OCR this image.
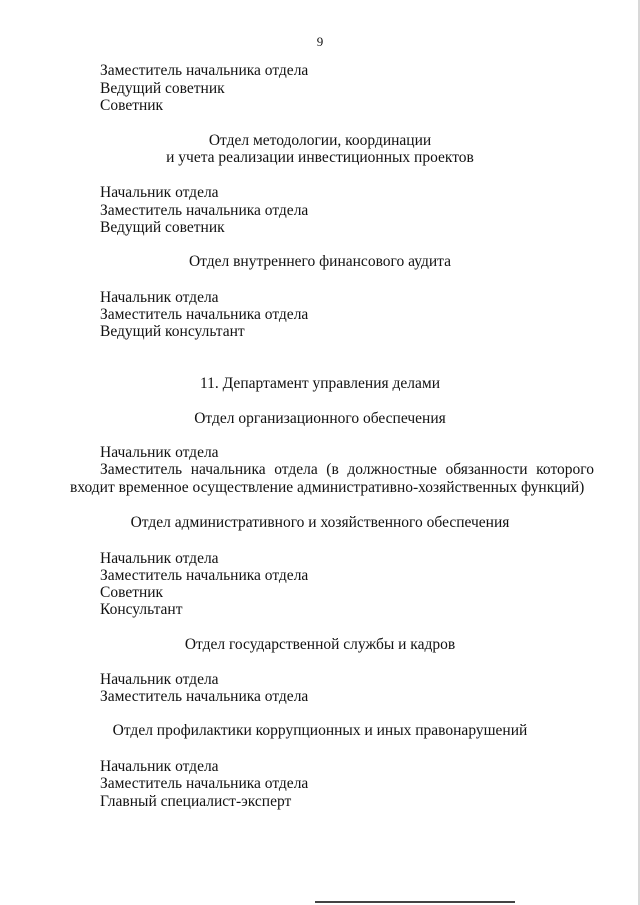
9
Заместитель начальника отдела
Ведущий советник
Советник
Отдел методологии, координации
и учета реализации инвестиционных проектов
Начальник отдела
Заместитель начальника отдела
Ведущий советник
Отдел внутреннего финансового аудита
Начальник отдела
Заместитель начальника отдела
Ведущий консультант
11. Департамент управления делами
Отдел организационного обеспечения
Начальник отдела
Заместитель начальника отдела (в должностные обязанности которого входит временное осуществление административно-хозяйственных функций)
Отдел административного и хозяйственного обеспечения
Начальник отдела
Заместитель начальника отдела
Советник
Консультант
Отдел государственной службы и кадров
Начальник отдела
Заместитель начальника отдела
Отдел профилактики коррупционных и иных правонарушений
Начальник отдела
Заместитель начальника отдела
Главный специалист-эксперт
